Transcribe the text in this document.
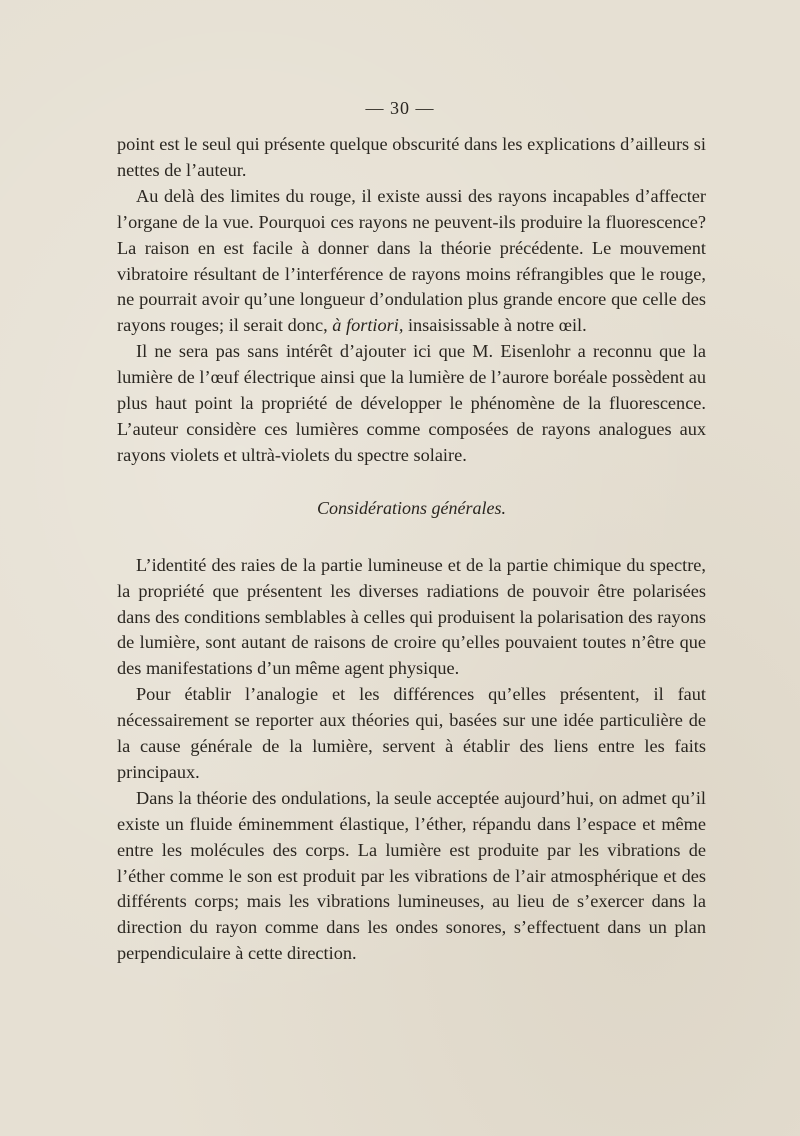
— 30 —

point est le seul qui présente quelque obscurité dans les explications d’ailleurs si nettes de l’auteur.

Au delà des limites du rouge, il existe aussi des rayons incapables d’affecter l’organe de la vue. Pourquoi ces rayons ne peuvent-ils produire la fluorescence? La raison en est facile à donner dans la théorie précédente. Le mouvement vibratoire résultant de l’interférence de rayons moins réfrangibles que le rouge, ne pourrait avoir qu’une longueur d’ondulation plus grande encore que celle des rayons rouges; il serait donc, à fortiori, insaisissable à notre œil.

Il ne sera pas sans intérêt d’ajouter ici que M. Eisenlohr a reconnu que la lumière de l’œuf électrique ainsi que la lumière de l’aurore boréale possèdent au plus haut point la propriété de développer le phénomène de la fluorescence. L’auteur considère ces lumières comme composées de rayons analogues aux rayons violets et ultrà-violets du spectre solaire.

Considérations générales.

L’identité des raies de la partie lumineuse et de la partie chimique du spectre, la propriété que présentent les diverses radiations de pouvoir être polarisées dans des conditions semblables à celles qui produisent la polarisation des rayons de lumière, sont autant de raisons de croire qu’elles pouvaient toutes n’être que des manifestations d’un même agent physique.

Pour établir l’analogie et les différences qu’elles présentent, il faut nécessairement se reporter aux théories qui, basées sur une idée particulière de la cause générale de la lumière, servent à établir des liens entre les faits principaux.

Dans la théorie des ondulations, la seule acceptée aujourd’hui, on admet qu’il existe un fluide éminemment élastique, l’éther, répandu dans l’espace et même entre les molécules des corps. La lumière est produite par les vibrations de l’éther comme le son est produit par les vibrations de l’air atmosphérique et des différents corps; mais les vibrations lumineuses, au lieu de s’exercer dans la direction du rayon comme dans les ondes sonores, s’effectuent dans un plan perpendiculaire à cette direction.
